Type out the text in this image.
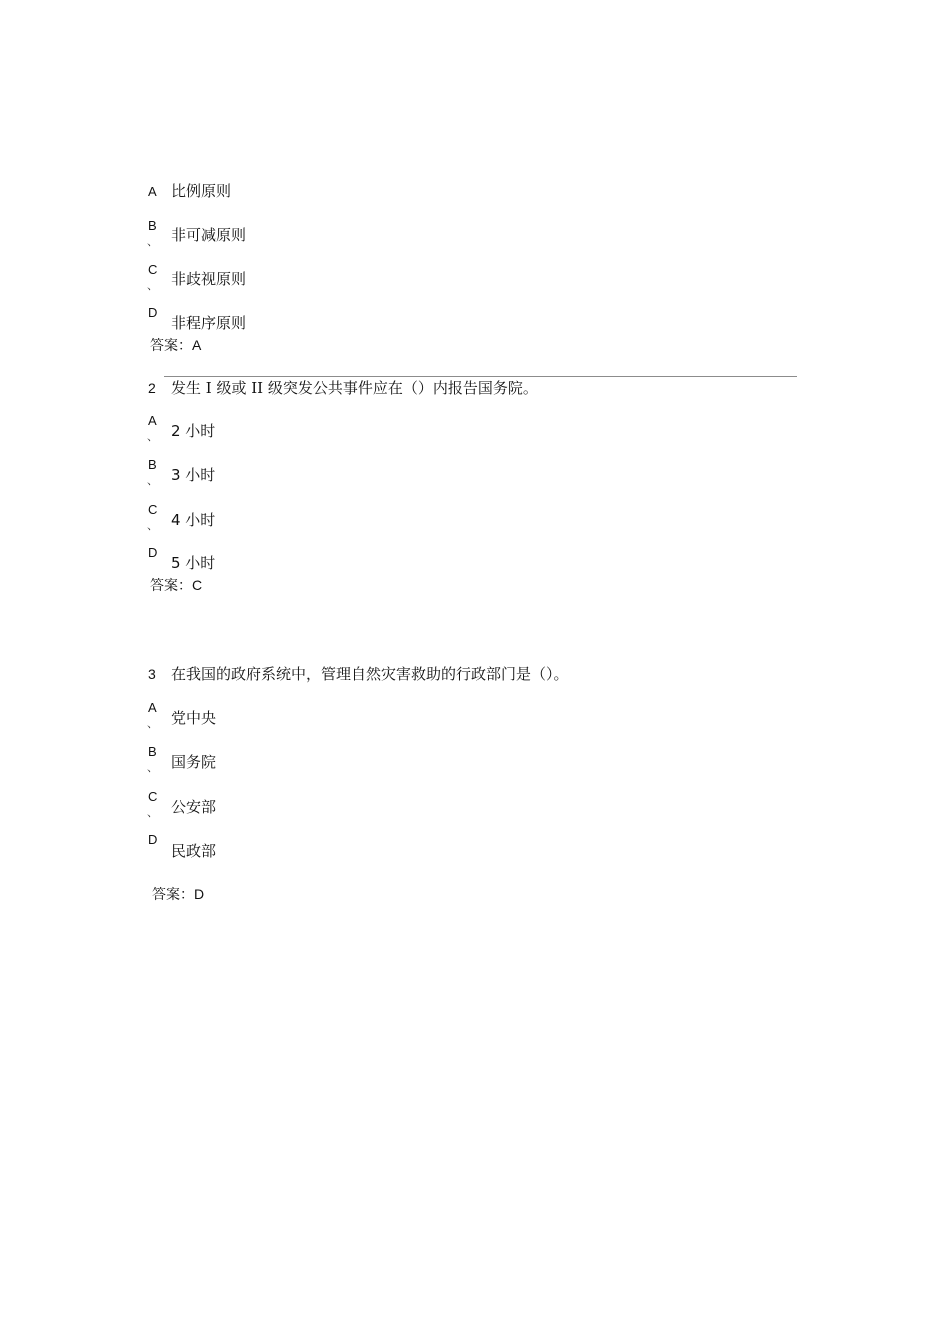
A 比例原则
B
、 非可减原则
C
、 非歧视原则
D
非程序原则
答案：A
2 发生 I 级或 II 级突发公共事件应在（）内报告国务院。
A
、 2 小时
B
、 3 小时
C
、 4 小时
D
5 小时
答案：C
3 在我国的政府系统中，管理自然灾害救助的行政部门是（）。
A
、 党中央
B
、 国务院
C
、 公安部
D
民政部
答案：D
